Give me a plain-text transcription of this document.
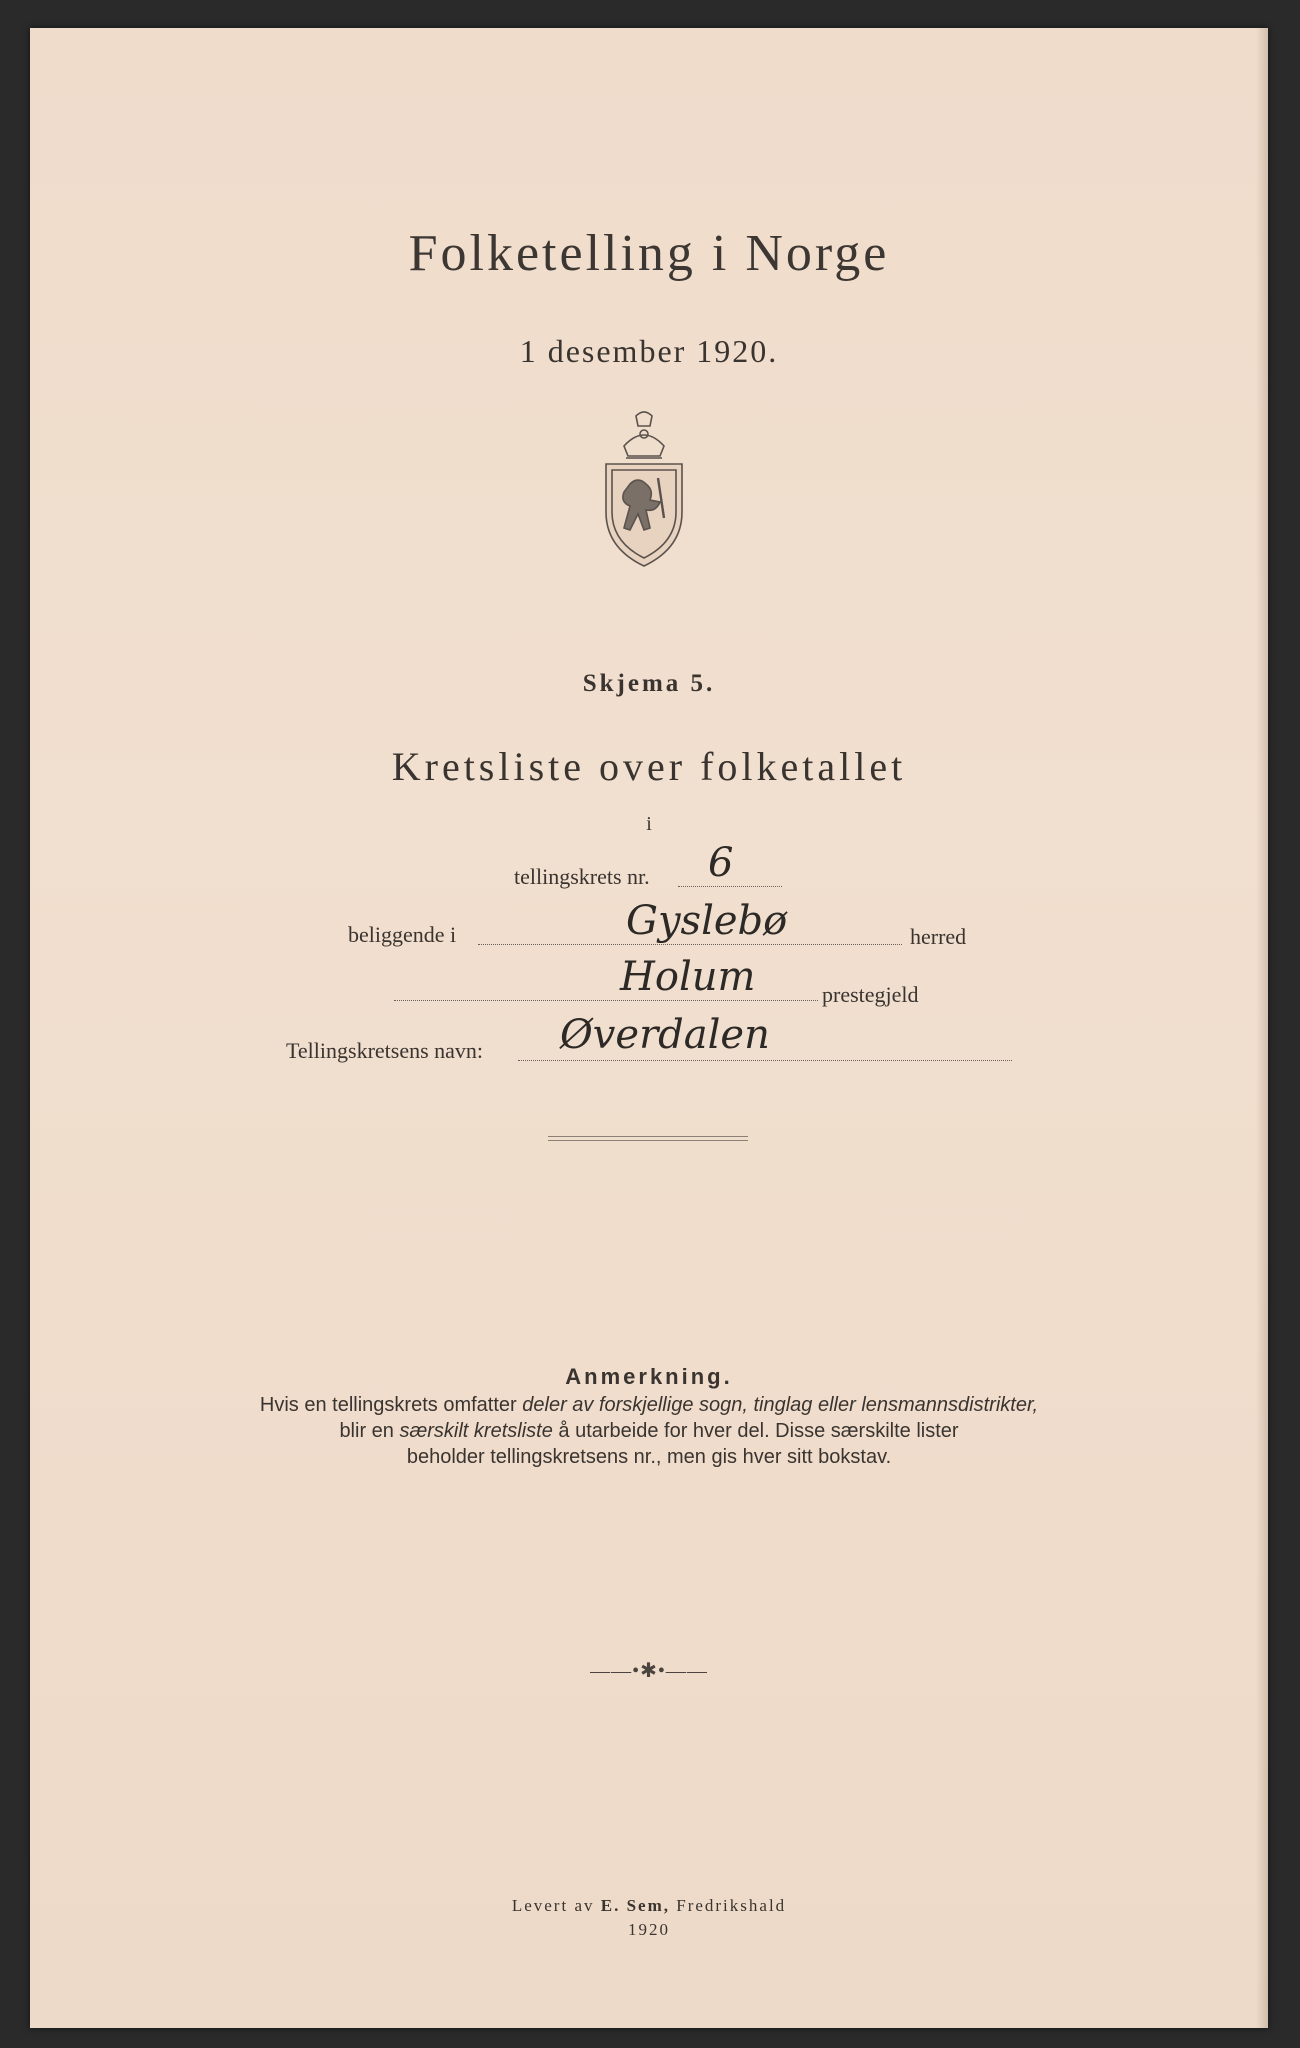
Folketelling i Norge
1 desember 1920.
Skjema 5.
Kretsliste over folketallet
i
tellingskrets nr. 6
beliggende i	Gyslebø	herred
Holum	prestegjeld
Tellingskretsens navn: Øverdalen
Anmerkning.
Hvis en tellingskrets omfatter deler av forskjellige sogn, tinglag eller lensmannsdistrikter,
blir en særskilt kretsliste å utarbeide for hver del. Disse særskilte lister
beholder tellingskretsens nr., men gis hver sitt bokstav.
——•✱•——
Levert av E. Sem, Fredrikshald
1920
